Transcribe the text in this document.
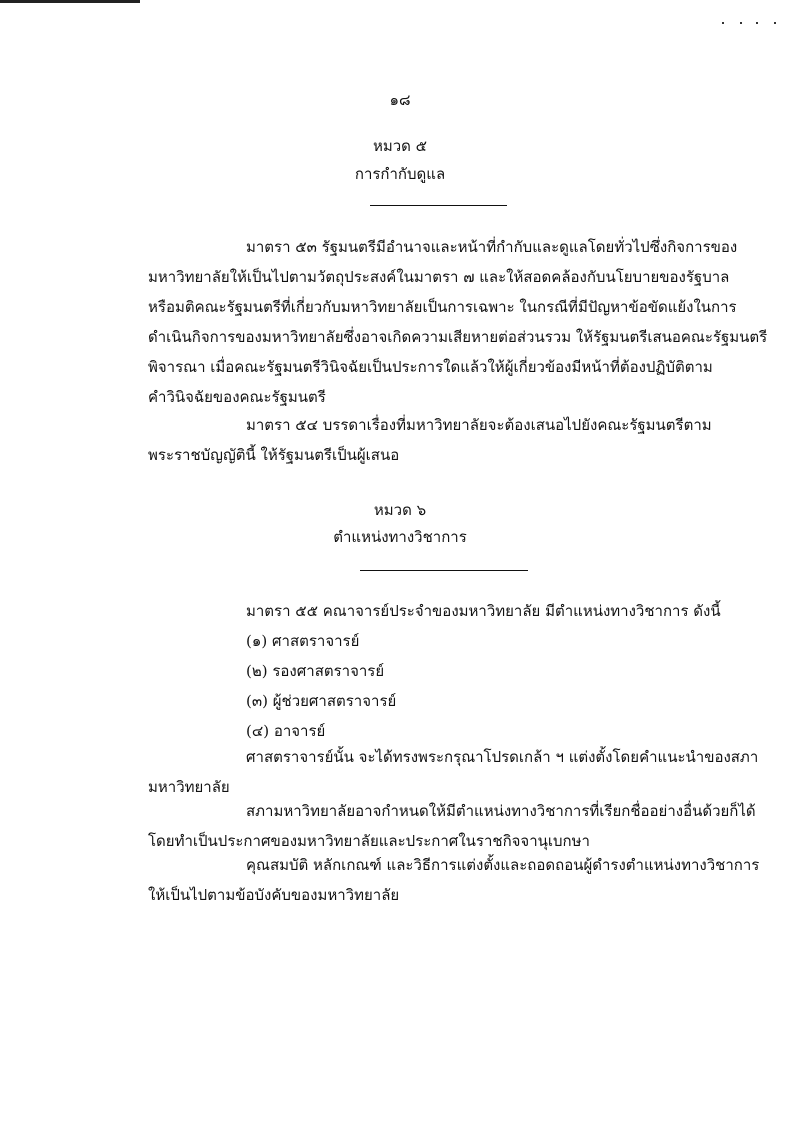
๑๘
หมวด ๕
การกำกับดูแล
มาตรา ๕๓ รัฐมนตรีมีอำนาจและหน้าที่กำกับและดูแลโดยทั่วไปซึ่งกิจการของ
มหาวิทยาลัยให้เป็นไปตามวัตถุประสงค์ในมาตรา ๗ และให้สอดคล้องกับนโยบายของรัฐบาล
หรือมติคณะรัฐมนตรีที่เกี่ยวกับมหาวิทยาลัยเป็นการเฉพาะ ในกรณีที่มีปัญหาข้อขัดแย้งในการ
ดำเนินกิจการของมหาวิทยาลัยซึ่งอาจเกิดความเสียหายต่อส่วนรวม ให้รัฐมนตรีเสนอคณะรัฐมนตรี
พิจารณา เมื่อคณะรัฐมนตรีวินิจฉัยเป็นประการใดแล้วให้ผู้เกี่ยวข้องมีหน้าที่ต้องปฏิบัติตาม
คำวินิจฉัยของคณะรัฐมนตรี
มาตรา ๕๔ บรรดาเรื่องที่มหาวิทยาลัยจะต้องเสนอไปยังคณะรัฐมนตรีตาม
พระราชบัญญัตินี้ ให้รัฐมนตรีเป็นผู้เสนอ
หมวด ๖
ตำแหน่งทางวิชาการ
มาตรา ๕๕ คณาจารย์ประจำของมหาวิทยาลัย มีตำแหน่งทางวิชาการ ดังนี้
(๑) ศาสตราจารย์
(๒) รองศาสตราจารย์
(๓) ผู้ช่วยศาสตราจารย์
(๔) อาจารย์
ศาสตราจารย์นั้น จะได้ทรงพระกรุณาโปรดเกล้า ฯ แต่งตั้งโดยคำแนะนำของสภา
มหาวิทยาลัย
สภามหาวิทยาลัยอาจกำหนดให้มีตำแหน่งทางวิชาการที่เรียกชื่ออย่างอื่นด้วยก็ได้
โดยทำเป็นประกาศของมหาวิทยาลัยและประกาศในราชกิจจานุเบกษา
คุณสมบัติ หลักเกณฑ์ และวิธีการแต่งตั้งและถอดถอนผู้ดำรงตำแหน่งทางวิชาการ
ให้เป็นไปตามข้อบังคับของมหาวิทยาลัย
